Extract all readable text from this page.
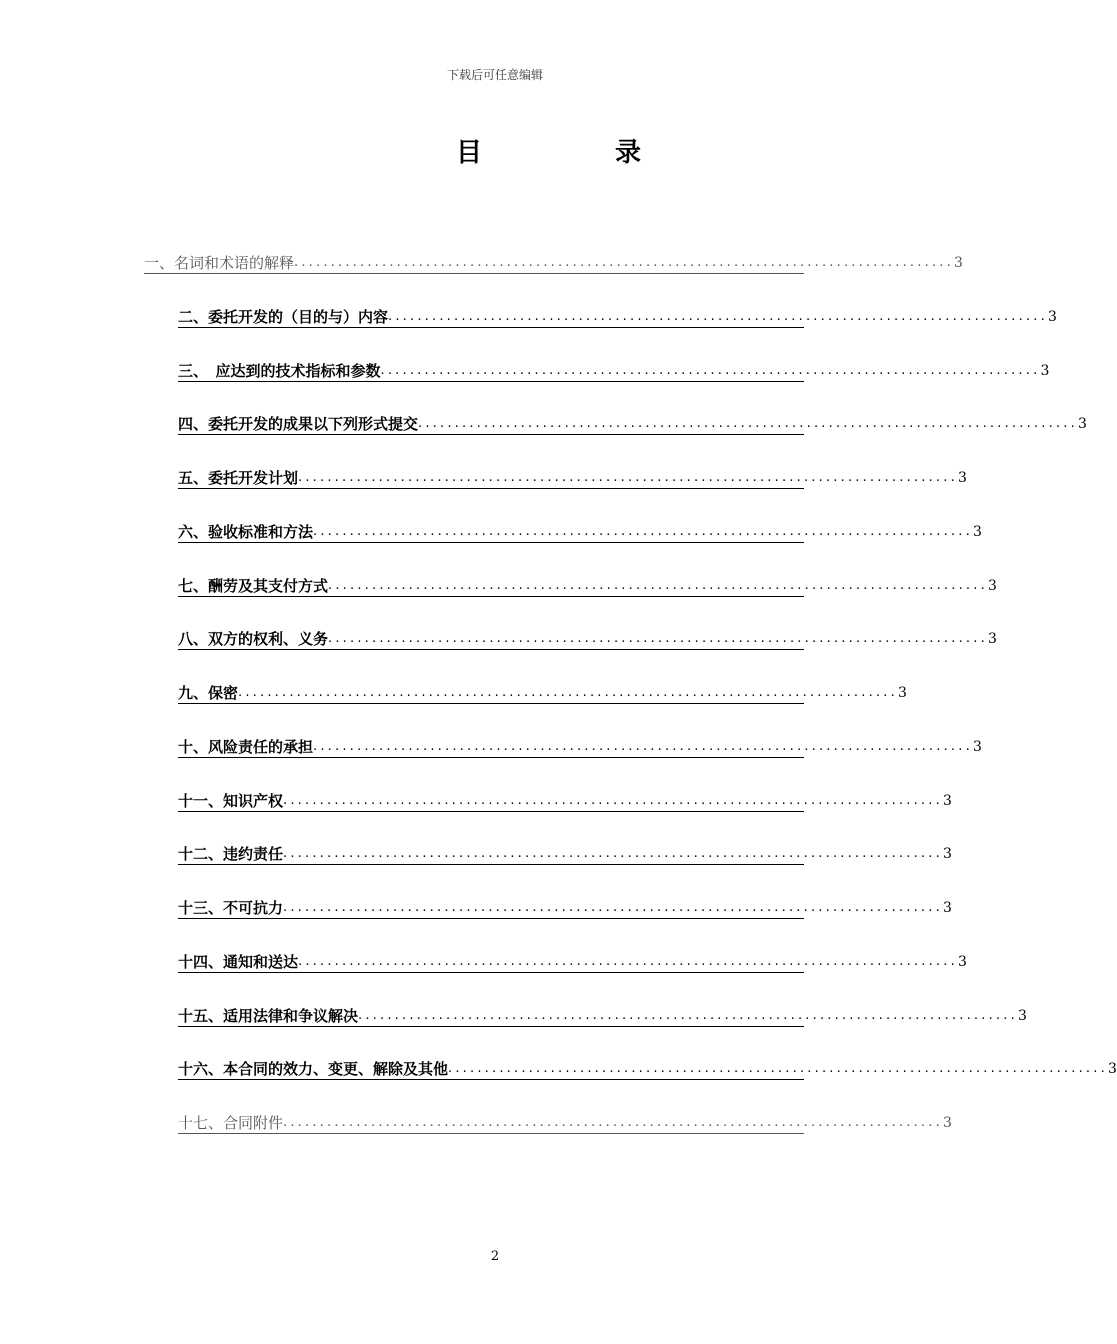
下载后可任意编辑
目 录
一、名词和术语的解释 .......................................................................................... 3
二、委托开发的（目的与）内容 .......................................................................................... 3
三、　应达到的技术指标和参数 .......................................................................................... 3
四、委托开发的成果以下列形式提交 .......................................................................................... 3
五、委托开发计划 .......................................................................................... 3
六、验收标准和方法 .......................................................................................... 3
七、酬劳及其支付方式 .......................................................................................... 3
八、双方的权利、义务 .......................................................................................... 3
九、保密 .......................................................................................... 3
十、风险责任的承担 .......................................................................................... 3
十一、知识产权 .......................................................................................... 3
十二、违约责任 .......................................................................................... 3
十三、不可抗力 .......................................................................................... 3
十四、通知和送达 .......................................................................................... 3
十五、适用法律和争议解决 .......................................................................................... 3
十六、本合同的效力、变更、解除及其他 .......................................................................................... 3
十七、合同附件 .......................................................................................... 3
2
